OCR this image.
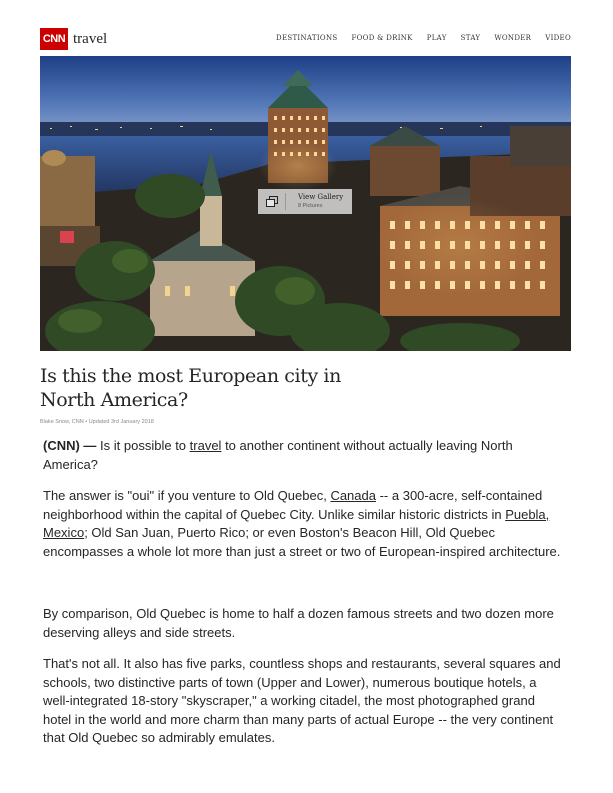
CNN travel	DESTINATIONS FOOD & DRINK PLAY STAY WONDER VIDEO
View Gallery
8 Pictures
Is this the most European city in North America?
Blake Snow, CNN • Updated 3rd January 2018

(CNN) — Is it possible to travel to another continent without actually leaving North America?

The answer is "oui" if you venture to Old Quebec, Canada -- a 300-acre, self-contained neighborhood within the capital of Quebec City. Unlike similar historic districts in Puebla, Mexico; Old San Juan, Puerto Rico; or even Boston's Beacon Hill, Old Quebec encompasses a whole lot more than just a street or two of European-inspired architecture.

By comparison, Old Quebec is home to half a dozen famous streets and two dozen more deserving alleys and side streets.

That's not all. It also has five parks, countless shops and restaurants, several squares and schools, two distinctive parts of town (Upper and Lower), numerous boutique hotels, a well-integrated 18-story "skyscraper," a working citadel, the most photographed grand hotel in the world and more charm than many parts of actual Europe -- the very continent that Old Quebec so admirably emulates.
